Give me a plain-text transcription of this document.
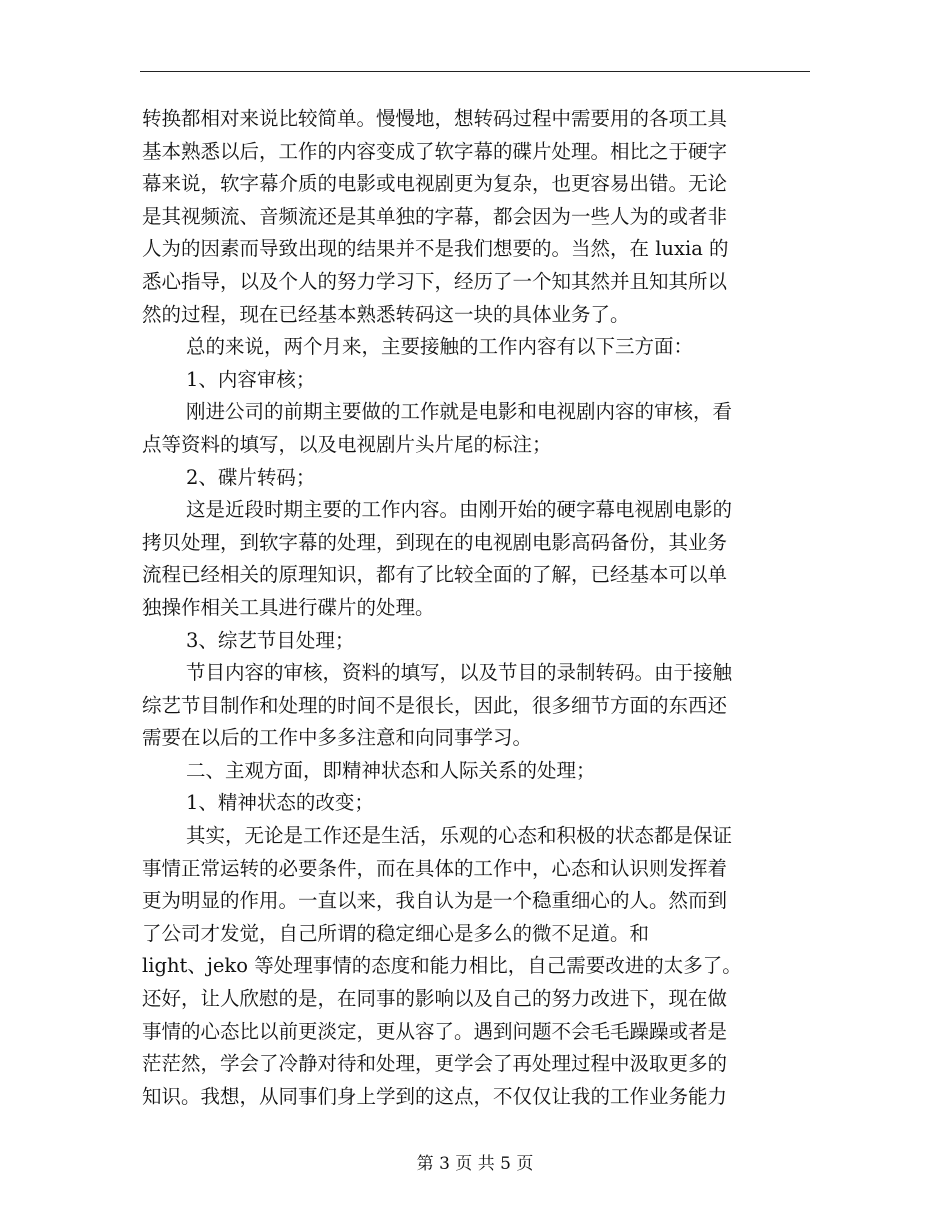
转换都相对来说比较简单。慢慢地，想转码过程中需要用的各项工具

基本熟悉以后，工作的内容变成了软字幕的碟片处理。相比之于硬字

幕来说，软字幕介质的电影或电视剧更为复杂，也更容易出错。无论

是其视频流、音频流还是其单独的字幕，都会因为一些人为的或者非

人为的因素而导致出现的结果并不是我们想要的。当然，在 luxia 的

悉心指导，以及个人的努力学习下，经历了一个知其然并且知其所以

然的过程，现在已经基本熟悉转码这一块的具体业务了。

总的来说，两个月来，主要接触的工作内容有以下三方面：

1、内容审核；

刚进公司的前期主要做的工作就是电影和电视剧内容的审核，看

点等资料的填写，以及电视剧片头片尾的标注；

2、碟片转码；

这是近段时期主要的工作内容。由刚开始的硬字幕电视剧电影的

拷贝处理，到软字幕的处理，到现在的电视剧电影高码备份，其业务

流程已经相关的原理知识，都有了比较全面的了解，已经基本可以单

独操作相关工具进行碟片的处理。

3、综艺节目处理；

节目内容的审核，资料的填写，以及节目的录制转码。由于接触

综艺节目制作和处理的时间不是很长，因此，很多细节方面的东西还

需要在以后的工作中多多注意和向同事学习。

二、主观方面，即精神状态和人际关系的处理；

1、精神状态的改变；

其实，无论是工作还是生活，乐观的心态和积极的状态都是保证

事情正常运转的必要条件，而在具体的工作中，心态和认识则发挥着

更为明显的作用。一直以来，我自认为是一个稳重细心的人。然而到

了公司才发觉，自己所谓的稳定细心是多么的微不足道。和

light、jeko 等处理事情的态度和能力相比，自己需要改进的太多了。

还好，让人欣慰的是，在同事的影响以及自己的努力改进下，现在做

事情的心态比以前更淡定，更从容了。遇到问题不会毛毛躁躁或者是

茫茫然，学会了冷静对待和处理，更学会了再处理过程中汲取更多的

知识。我想，从同事们身上学到的这点，不仅仅让我的工作业务能力

第 3 页 共 5 页
